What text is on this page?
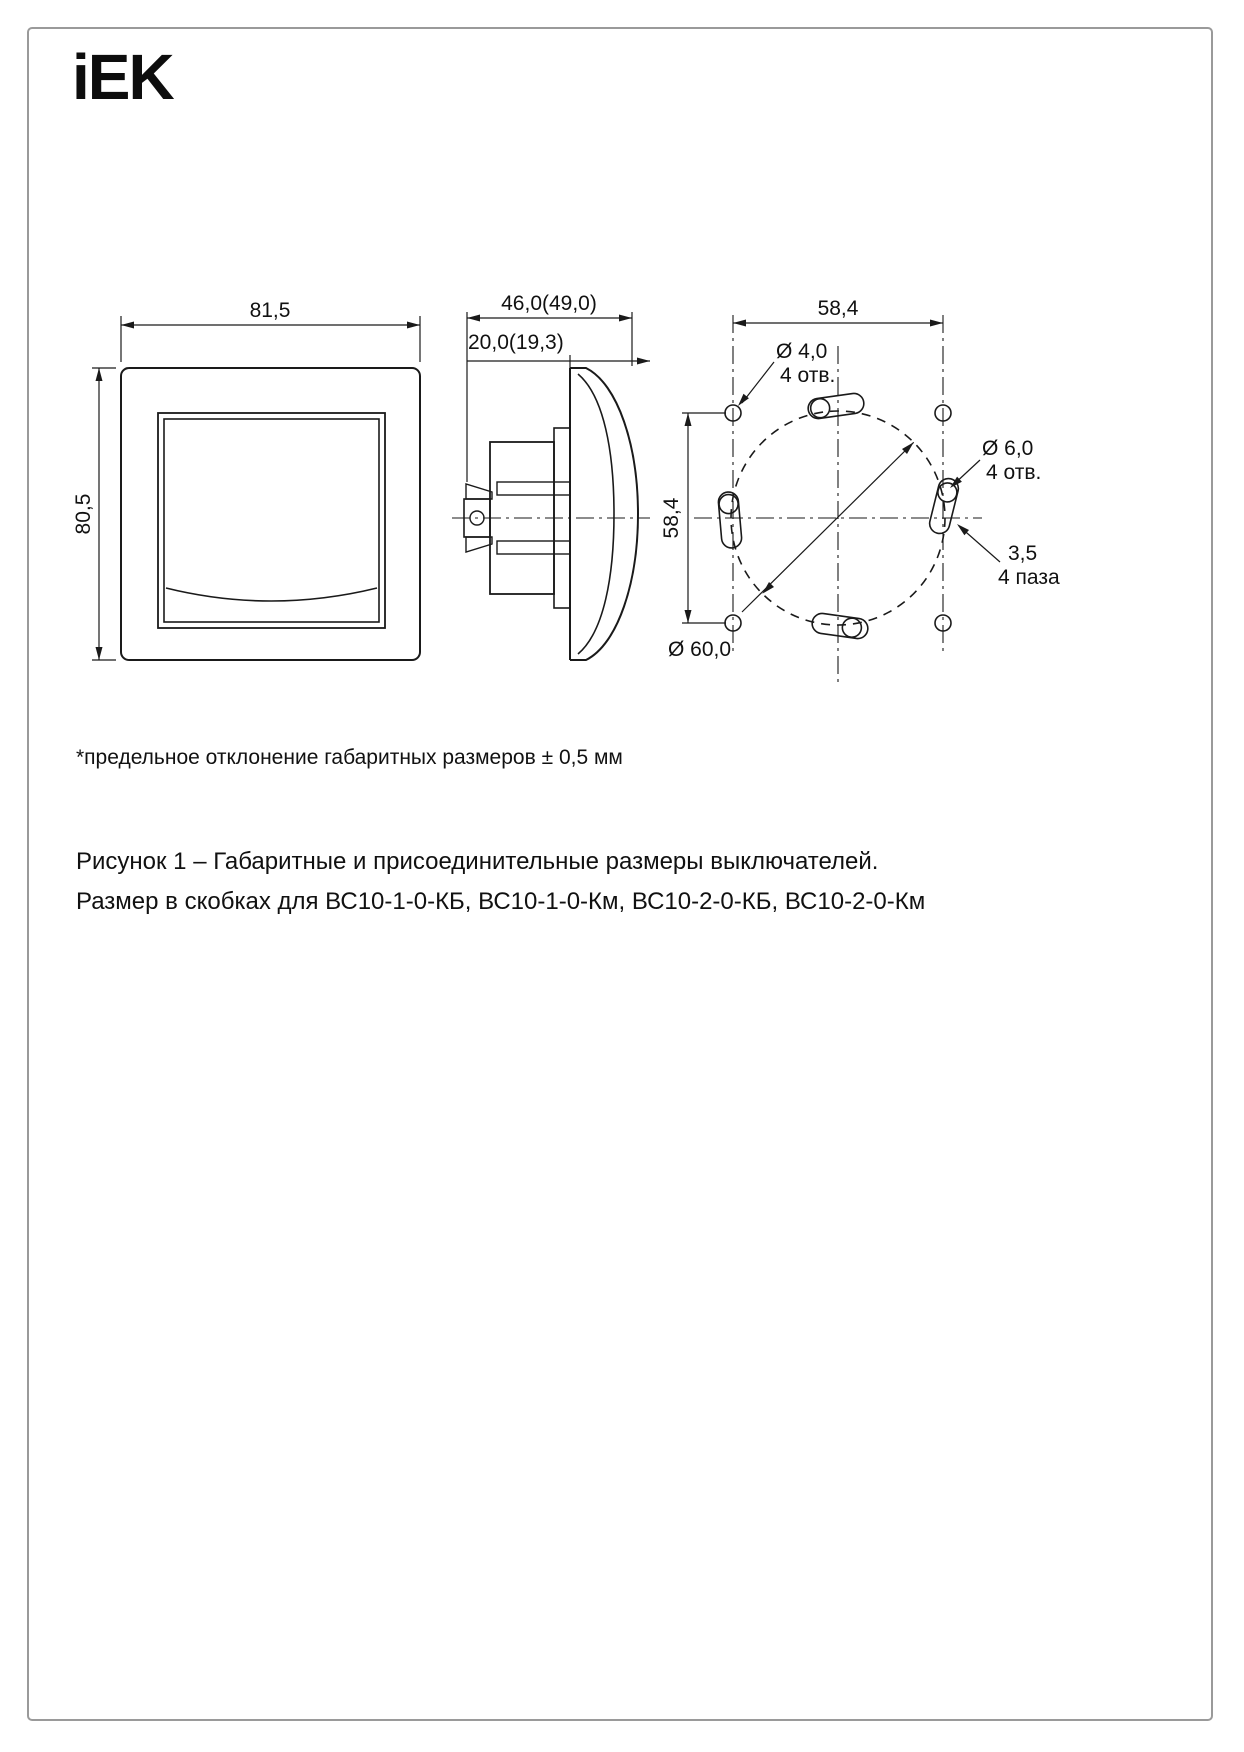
iEK
81,5
80,5
46,0(49,0)
20,0(19,3)
58,4
58,4
Ø 4,0
4 отв.
Ø 6,0
4 отв.
3,5
4 паза
Ø 60,0
*предельное отклонение габаритных размеров ± 0,5 мм
Рисунок 1 – Габаритные и присоединительные размеры выключателей.
Размер в скобках для ВС10-1-0-КБ, ВС10-1-0-Км, ВС10-2-0-КБ, ВС10-2-0-Км
